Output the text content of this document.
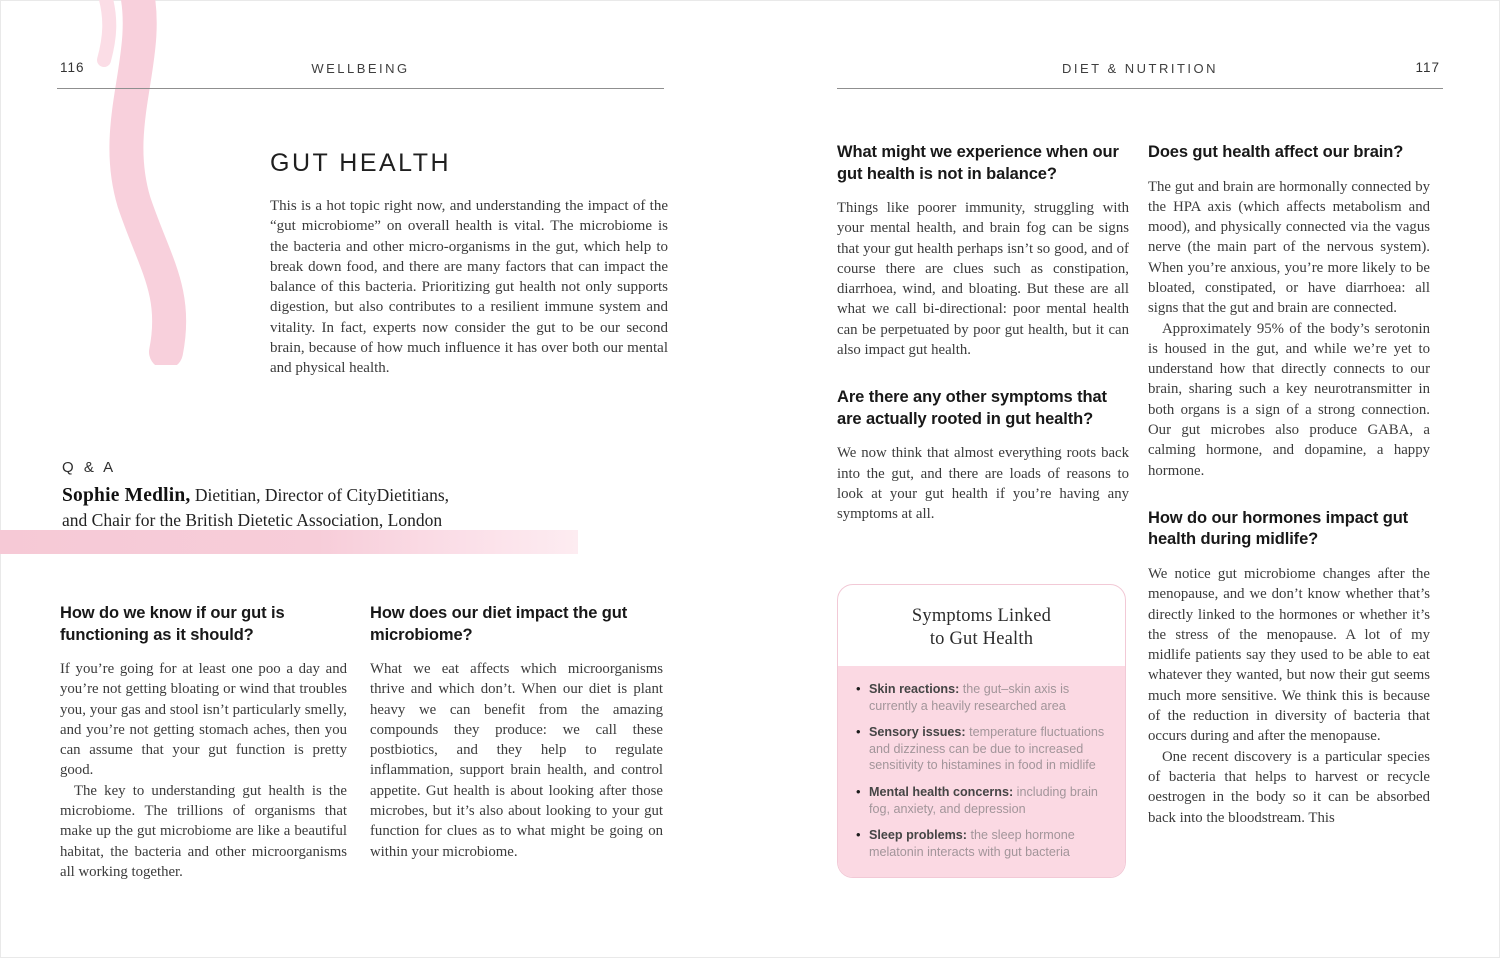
116	WELLBEING	DIET & NUTRITION	117
GUT HEALTH

This is a hot topic right now, and understanding the impact of the “gut microbiome” on overall health is vital. The microbiome is the bacteria and other micro-organisms in the gut, which help to break down food, and there are many factors that can impact the balance of this bacteria. Prioritizing gut health not only supports digestion, but also contributes to a resilient immune system and vitality. In fact, experts now consider the gut to be our second brain, because of how much influence it has over both our mental and physical health.

Q & A
Sophie Medlin, Dietitian, Director of CityDietitians,
and Chair for the British Dietetic Association, London
How do we know if our gut is functioning as it should?

If you’re going for at least one poo a day and you’re not getting bloating or wind that troubles you, your gas and stool isn’t particularly smelly, and you’re not getting stomach aches, then you can assume that your gut function is pretty good.

The key to understanding gut health is the microbiome. The trillions of organisms that make up the gut microbiome are like a beautiful habitat, the bacteria and other microorganisms all working together.

How does our diet impact the gut microbiome?

What we eat affects which microorganisms thrive and which don’t. When our diet is plant heavy we can benefit from the amazing compounds they produce: we call these postbiotics, and they help to regulate inflammation, support brain health, and control appetite. Gut health is about looking after those microbes, but it’s also about looking to your gut function for clues as to what might be going on within your microbiome.

What might we experience when our gut health is not in balance?

Things like poorer immunity, struggling with your mental health, and brain fog can be signs that your gut health perhaps isn’t so good, and of course there are clues such as constipation, diarrhoea, wind, and bloating. But these are all what we call bi-directional: poor mental health can be perpetuated by poor gut health, but it can also impact gut health.

Are there any other symptoms that are actually rooted in gut health?

We now think that almost everything roots back into the gut, and there are loads of reasons to look at your gut health if you’re having any symptoms at all.

Symptoms Linked
to Gut Health
• Skin reactions: the gut–skin axis is currently a heavily researched area
• Sensory issues: temperature fluctuations and dizziness can be due to increased sensitivity to histamines in food in midlife
• Mental health concerns: including brain fog, anxiety, and depression
• Sleep problems: the sleep hormone melatonin interacts with gut bacteria
Does gut health affect our brain?

The gut and brain are hormonally connected by the HPA axis (which affects metabolism and mood), and physically connected via the vagus nerve (the main part of the nervous system). When you’re anxious, you’re more likely to be bloated, constipated, or have diarrhoea: all signs that the gut and brain are connected.

Approximately 95% of the body’s serotonin is housed in the gut, and while we’re yet to understand how that directly connects to our brain, sharing such a key neurotransmitter in both organs is a sign of a strong connection. Our gut microbes also produce GABA, a calming hormone, and dopamine, a happy hormone.

How do our hormones impact gut health during midlife?

We notice gut microbiome changes after the menopause, and we don’t know whether that’s directly linked to the hormones or whether it’s the stress of the menopause. A lot of my midlife patients say they used to be able to eat whatever they wanted, but now their gut seems much more sensitive. We think this is because of the reduction in diversity of bacteria that occurs during and after the menopause.

One recent discovery is a particular species of bacteria that helps to harvest or recycle oestrogen in the body so it can be absorbed back into the bloodstream. This
